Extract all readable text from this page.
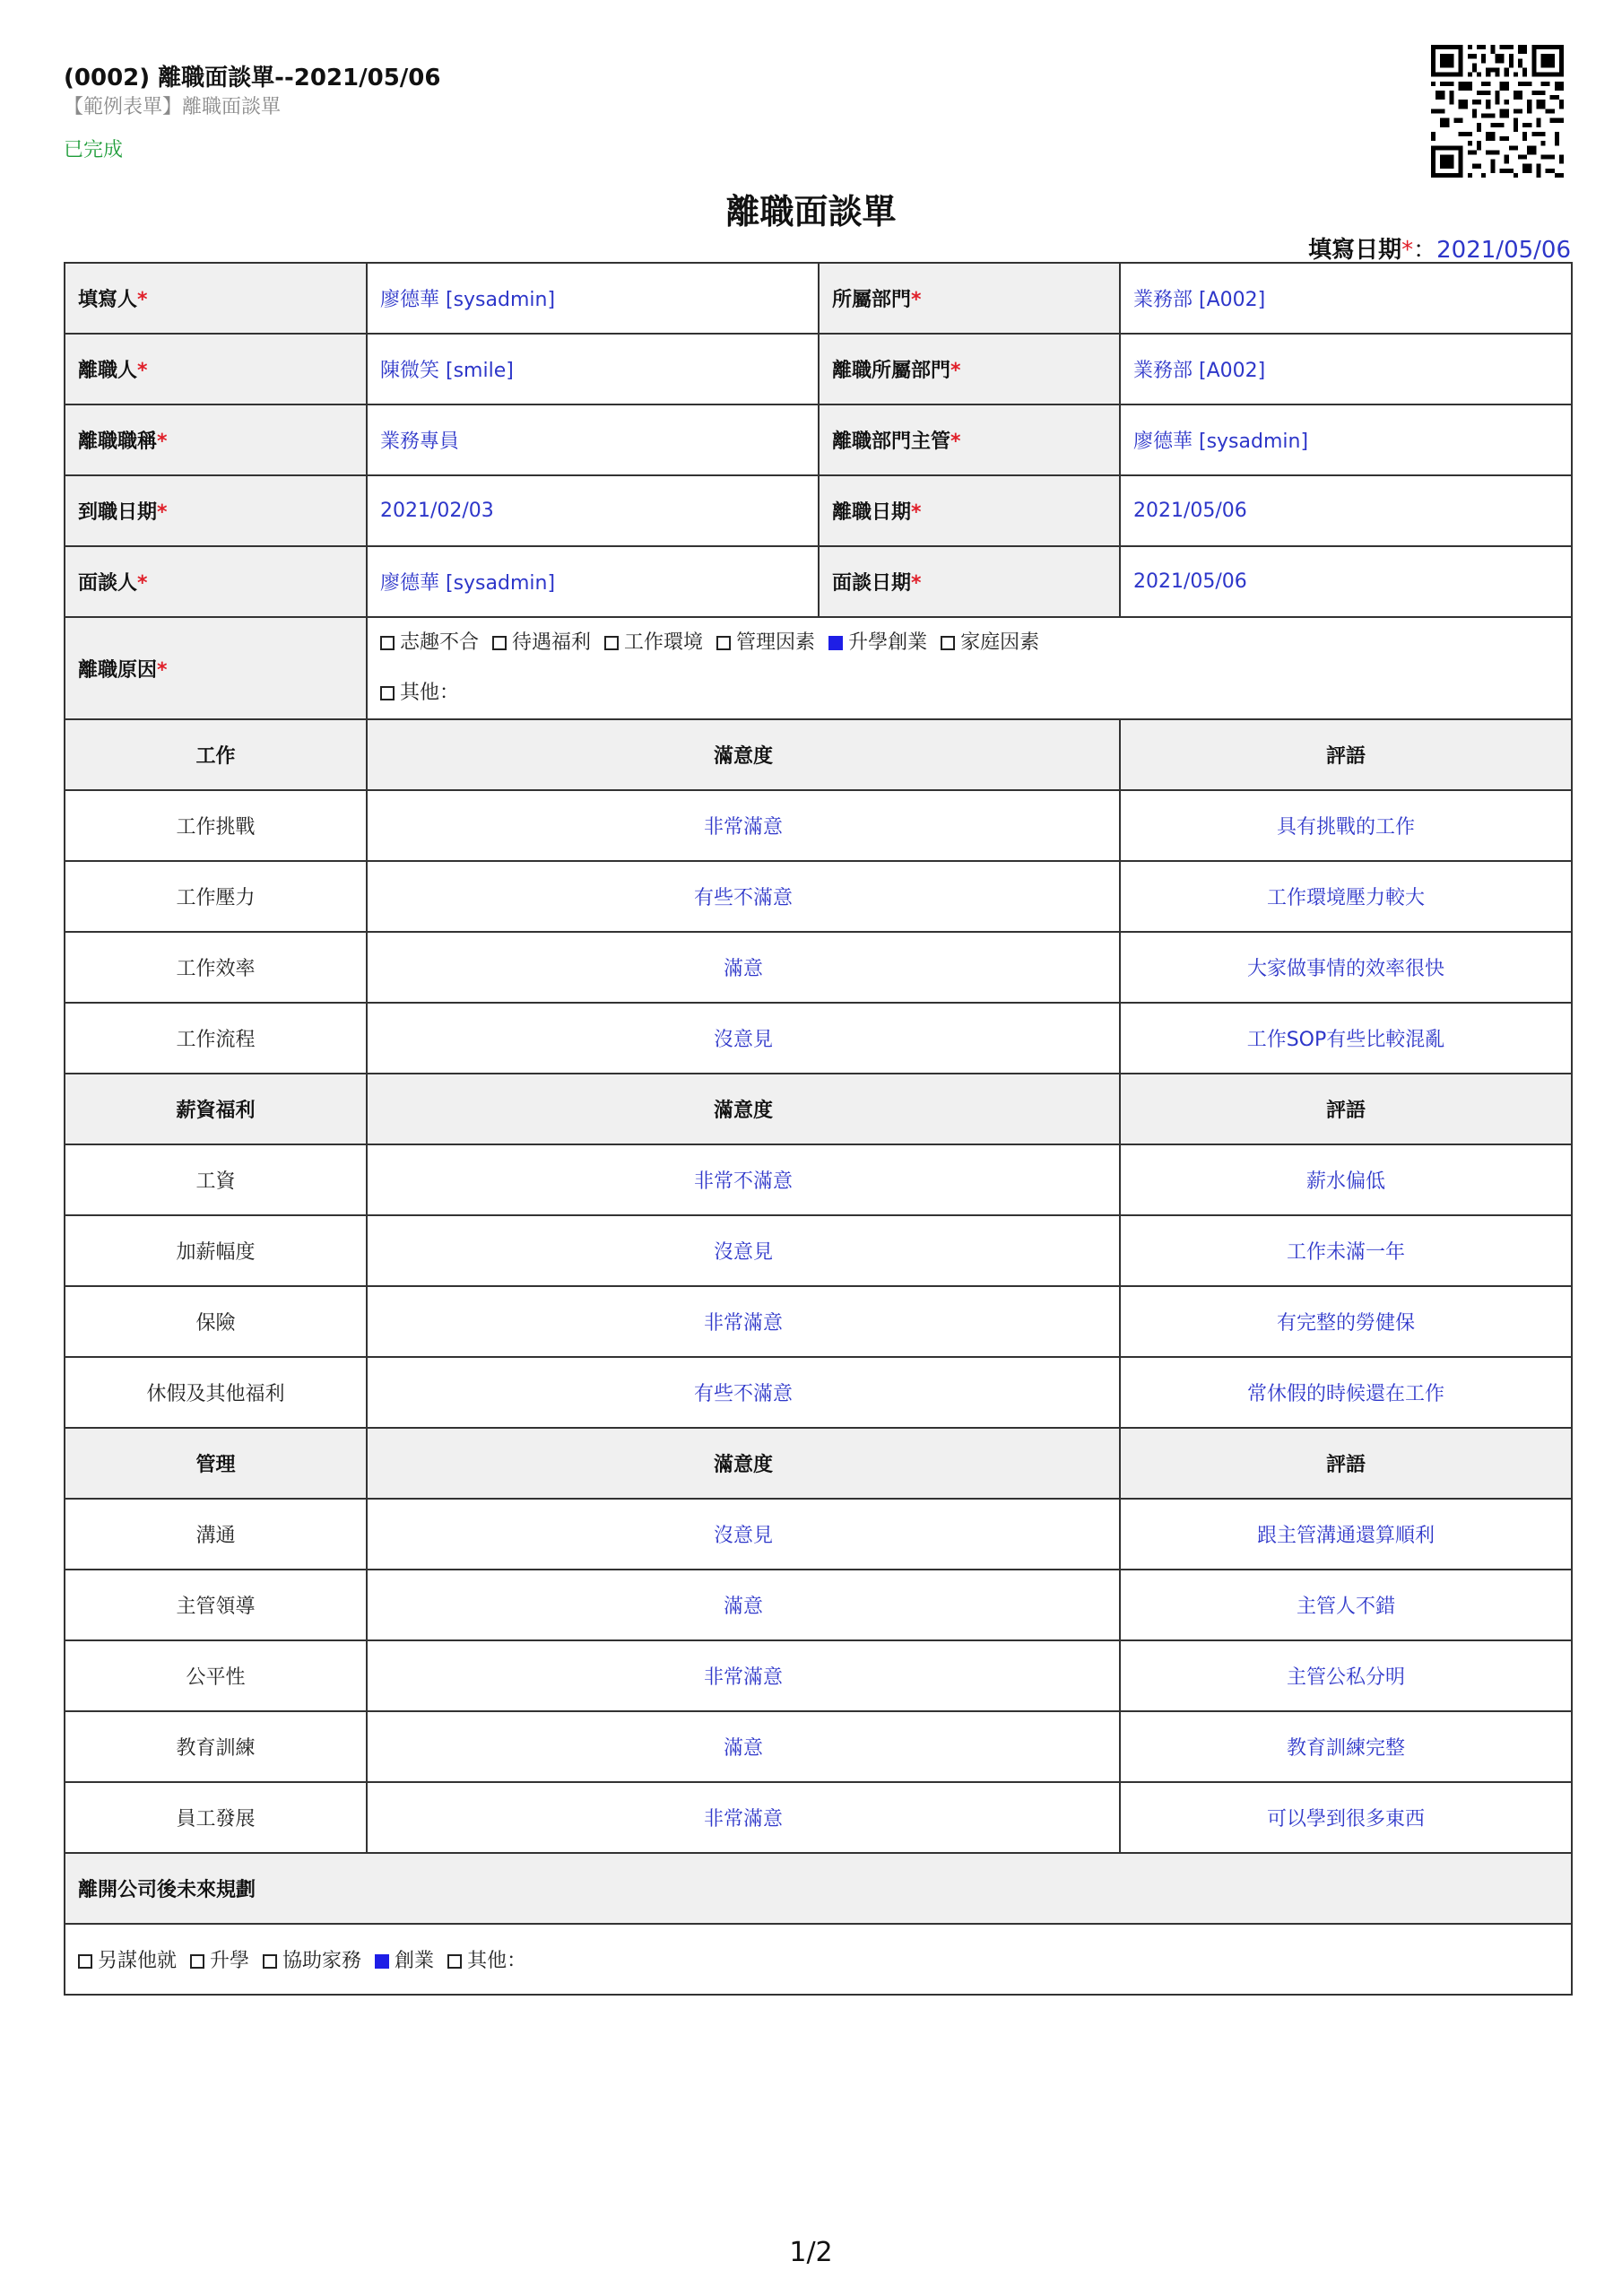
(0002) 離職面談單--2021/05/06
【範例表單】離職面談單
已完成
離職面談單
填寫日期*：2021/05/06
填寫人*	廖德華 [sysadmin]	所屬部門*	業務部 [A002]
離職人*	陳微笑 [smile]	離職所屬部門*	業務部 [A002]
離職職稱*	業務專員	離職部門主管*	廖德華 [sysadmin]
到職日期*	2021/02/03	離職日期*	2021/05/06
面談人*	廖德華 [sysadmin]	面談日期*	2021/05/06
離職原因*	志趣不合 待遇福利 工作環境 管理因素 升學創業 家庭因素
其他：		

工作	滿意度		評語
工作挑戰	非常滿意		具有挑戰的工作
工作壓力	有些不滿意		工作環境壓力較大
工作效率	滿意		大家做事情的效率很快
工作流程	沒意見		工作SOP有些比較混亂
薪資福利	滿意度		評語
工資	非常不滿意		薪水偏低
加薪幅度	沒意見		工作未滿一年
保險	非常滿意		有完整的勞健保
休假及其他福利	有些不滿意		常休假的時候還在工作
管理	滿意度		評語
溝通	沒意見		跟主管溝通還算順利
主管領導	滿意		主管人不錯
公平性	非常滿意		主管公私分明
教育訓練	滿意		教育訓練完整
員工發展	非常滿意		可以學到很多東西
離開公司後未來規劃			
另謀他就 升學 協助家務 創業 其他：			
1/2
